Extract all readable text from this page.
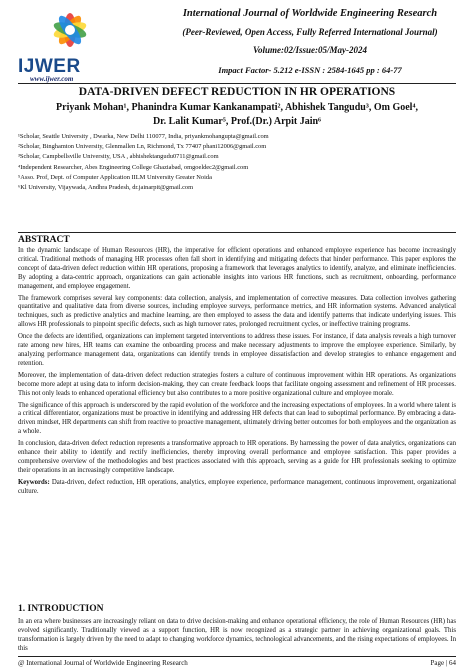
IJWER
www.ijwer.com
International Journal of Worldwide Engineering Research
(Peer-Reviewed, Open Access, Fully Referred International Journal)
Volume:02/Issue:05/May-2024
Impact Factor- 5.212 e-ISSN : 2584-1645 pp : 64-77
DATA-DRIVEN DEFECT REDUCTION IN HR OPERATIONS
Priyank Mohan¹, Phanindra Kumar Kankanampati², Abhishek Tangudu³, Om Goel⁴,
Dr. Lalit Kumar⁵, Prof.(Dr.) Arpit Jain⁶
¹Scholar, Seattle University , Dwarka, New Delhi 110077, India, priyankmohangupta@gmail.com
²Scholar, Binghamton University, Glenmallen Ln, Richmond, Tx 77407 phani12006@gmail.com
³Scholar, Campbellsville University, USA , abhishektangudu0711@gmail.com
⁴Independent Researcher, Abes Engineering College Ghaziabad, omgoeldec2@gmail.com
⁵Asso. Prof, Dept. of Computer Application IILM University Greater Noida
⁶Kl University, Vijaywada, Andhra Pradesh, dr.jainarpit@gmail.com
ABSTRACT

In the dynamic landscape of Human Resources (HR), the imperative for efficient operations and enhanced employee experience has become increasingly critical. Traditional methods of managing HR processes often fall short in identifying and mitigating defects that hinder performance. This paper explores the concept of data-driven defect reduction within HR operations, proposing a framework that leverages analytics to identify, analyze, and eliminate inefficiencies. By adopting a data-centric approach, organizations can gain actionable insights into various HR functions, such as recruitment, onboarding, performance management, and employee engagement.

The framework comprises several key components: data collection, analysis, and implementation of corrective measures. Data collection involves gathering quantitative and qualitative data from diverse sources, including employee surveys, performance metrics, and HR information systems. Advanced analytical techniques, such as predictive analytics and machine learning, are then employed to assess the data and identify patterns that indicate underlying issues. This allows HR professionals to pinpoint specific defects, such as high turnover rates, prolonged recruitment cycles, or ineffective training programs.

Once the defects are identified, organizations can implement targeted interventions to address these issues. For instance, if data analysis reveals a high turnover rate among new hires, HR teams can examine the onboarding process and make necessary adjustments to improve the employee experience. Similarly, by analyzing performance management data, organizations can identify trends in employee dissatisfaction and develop strategies to enhance engagement and retention.

Moreover, the implementation of data-driven defect reduction strategies fosters a culture of continuous improvement within HR operations. As organizations become more adept at using data to inform decision-making, they can create feedback loops that facilitate ongoing assessment and refinement of HR processes. This not only leads to enhanced operational efficiency but also contributes to a more positive organizational culture and employee morale.

The significance of this approach is underscored by the rapid evolution of the workforce and the increasing expectations of employees. In a world where talent is a critical differentiator, organizations must be proactive in identifying and addressing HR defects that can lead to suboptimal performance. By embracing a data-driven mindset, HR departments can shift from reactive to proactive management, ultimately driving better outcomes for both employees and the organization as a whole.

In conclusion, data-driven defect reduction represents a transformative approach to HR operations. By harnessing the power of data analytics, organizations can enhance their ability to identify and rectify inefficiencies, thereby improving overall performance and employee satisfaction. This paper provides a comprehensive overview of the methodologies and best practices associated with this approach, serving as a guide for HR professionals seeking to optimize their operations in an increasingly competitive landscape.

Keywords: Data-driven, defect reduction, HR operations, analytics, employee experience, performance management, continuous improvement, organizational culture.
1. INTRODUCTION

In an era where businesses are increasingly reliant on data to drive decision-making and enhance operational efficiency, the role of Human Resources (HR) has evolved significantly. Traditionally viewed as a support function, HR is now recognized as a strategic partner in achieving organizational goals. This transformation is largely driven by the need to adapt to changing workforce dynamics, technological advancements, and the rising expectations of employees. In this

@ International Journal of Worldwide Engineering Research	Page | 64
